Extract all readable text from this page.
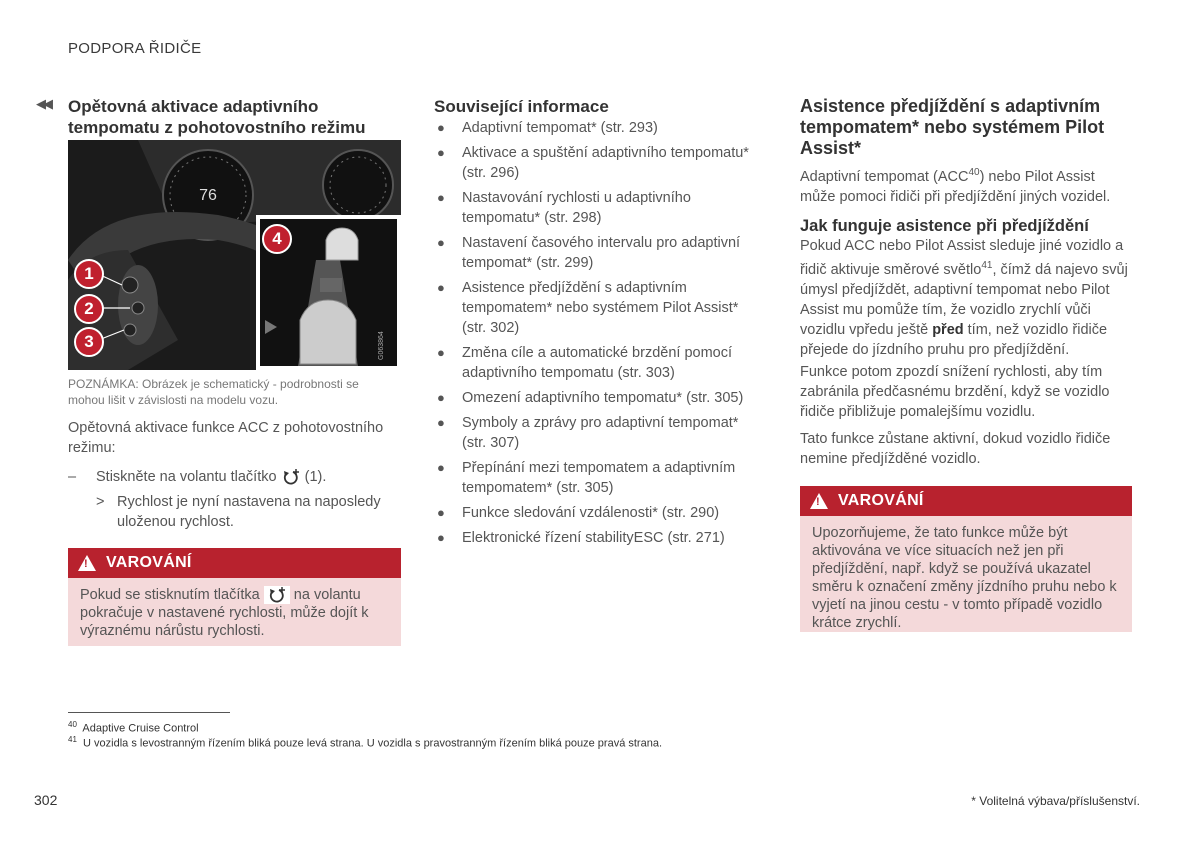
PODPORA ŘIDIČE
◀◀ Opětovná aktivace adaptivního tempomatu z pohotovostního režimu
76
G063864
1
2
3
4
POZNÁMKA: Obrázek je schematický - podrobnosti se mohou lišit v závislosti na modelu vozu.
Opětovná aktivace funkce ACC z pohotovostního režimu:
–	Stiskněte na volantu tlačítko (1).
> Rychlost je nyní nastavena na naposledy uloženou rychlost.
! VAROVÁNÍ
Pokud se stisknutím tlačítka na volantu pokračuje v nastavené rychlosti, může dojít k výraznému nárůstu rychlosti.
Související informace
● Adaptivní tempomat* (str. 293)
● Aktivace a spuštění adaptivního tempomatu* (str. 296)
● Nastavování rychlosti u adaptivního tempomatu* (str. 298)
● Nastavení časového intervalu pro adaptivní tempomat* (str. 299)
● Asistence předjíždění s adaptivním tempomatem* nebo systémem Pilot Assist* (str. 302)
● Změna cíle a automatické brzdění pomocí adaptivního tempomatu (str. 303)
● Omezení adaptivního tempomatu* (str. 305)
● Symboly a zprávy pro adaptivní tempomat* (str. 307)
● Přepínání mezi tempomatem a adaptivním tempomatem* (str. 305)
● Funkce sledování vzdálenosti* (str. 290)
● Elektronické řízení stabilityESC (str. 271)
Asistence předjíždění s adaptivním tempomatem* nebo systémem Pilot Assist*
Adaptivní tempomat (ACC$^{40}$) nebo Pilot Assist může pomoci řidiči při předjíždění jiných vozidel.
Jak funguje asistence při předjíždění
Pokud ACC nebo Pilot Assist sleduje jiné vozidlo a řidič aktivuje směrové světlo$^{41}$, čímž dá najevo svůj úmysl předjíždět, adaptivní tempomat nebo Pilot Assist mu pomůže tím, že vozidlo zrychlí vůči vozidlu vpředu ještě před tím, než vozidlo řidiče přejede do jízdního pruhu pro předjíždění.
Funkce potom zpozdí snížení rychlosti, aby tím zabránila předčasnému brzdění, když se vozidlo řidiče přibližuje pomalejšímu vozidlu.
Tato funkce zůstane aktivní, dokud vozidlo řidiče nemine předjížděné vozidlo.
! VAROVÁNÍ
Upozorňujeme, že tato funkce může být aktivována ve více situacích než jen při předjíždění, např. když se používá ukazatel směru k označení změny jízdního pruhu nebo k vyjetí na jinou cestu - v tomto případě vozidlo krátce zrychlí.
$^{40}$ Adaptive Cruise Control
$^{41}$ U vozidla s levostranným řízením bliká pouze levá strana. U vozidla s pravostranným řízením bliká pouze pravá strana.
302	* Volitelná výbava/příslušenství.
